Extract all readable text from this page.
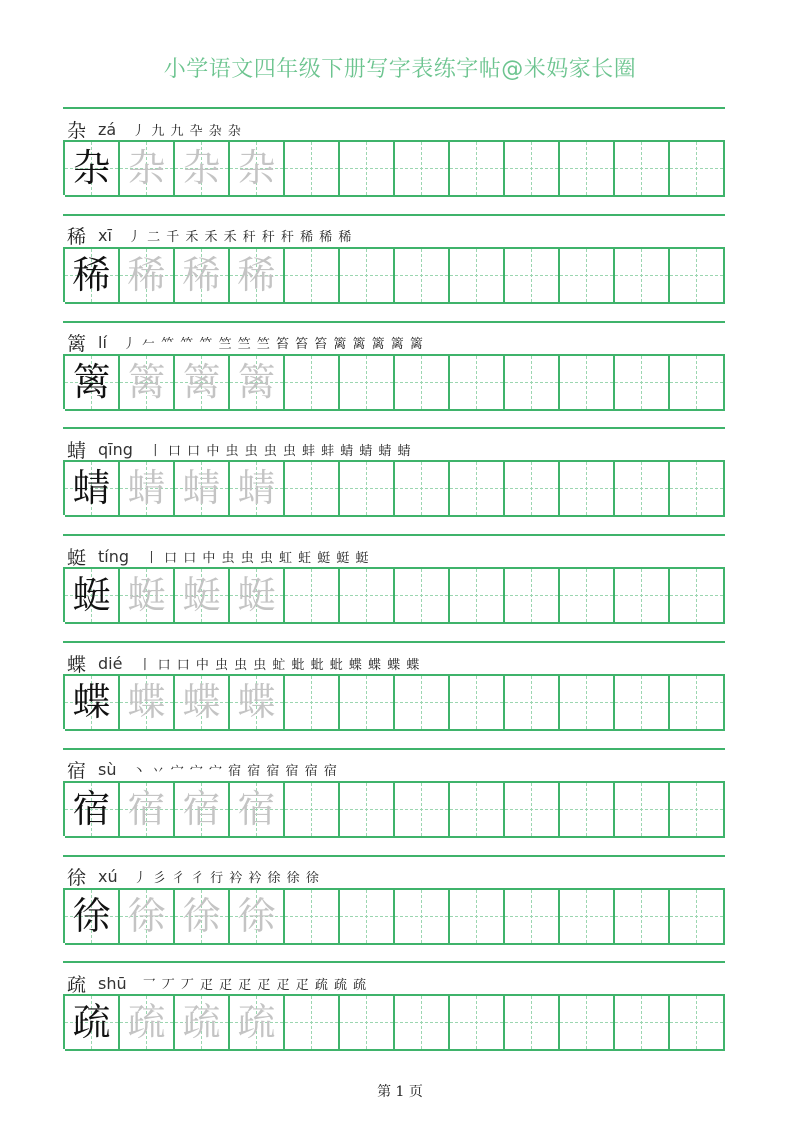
小学语文四年级下册写字表练字帖@米妈家长圈
杂 zá 丿 九 九 卆 杂 杂
杂 杂 杂 杂
稀 xī 丿 二 千 禾 禾 禾 秆 秆 秆 稀 稀 稀
稀 稀 稀 稀
篱 lí 丿 𠂉 𥫗 𥫗 𥫗 竺 竺 竺 笞 笞 笞 篱 篱 篱 篱 篱
篱 篱 篱 篱
蜻 qīng 丨 口 口 中 虫 虫 虫 虫 蚌 蚌 蜻 蜻 蜻 蜻
蜻 蜻 蜻 蜻
蜓 tíng 丨 口 口 中 虫 虫 虫 虹 蚟 蜓 蜓 蜓
蜓 蜓 蜓 蜓
蝶 dié 丨 口 口 中 虫 虫 虫 虻 蚍 蚍 蚍 蝶 蝶 蝶 蝶
蝶 蝶 蝶 蝶
宿 sù 丶 丷 宀 宀 宀 宿 宿 宿 宿 宿 宿
宿 宿 宿 宿
徐 xú 丿 彡 彳 彳 行 衿 衿 徐 徐 徐
徐 徐 徐 徐
疏 shū 乛 丆 丆 疋 疋 疋 疋 疋 疋 疏 疏 疏
疏 疏 疏 疏
第 1 页
